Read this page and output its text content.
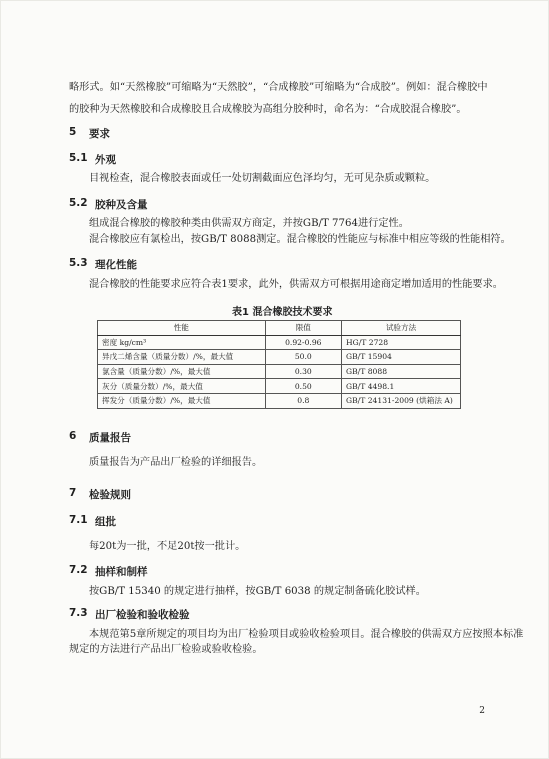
略形式。如“天然橡胶”可缩略为“天然胶”，“合成橡胶”可缩略为“合成胶”。例如：混合橡胶中
的胶种为天然橡胶和合成橡胶且合成橡胶为高组分胶种时，命名为：“合成胶混合橡胶”。
5 要求
5.1 外观
目视检查，混合橡胶表面或任一处切割截面应色泽均匀，无可见杂质或颗粒。
5.2 胶种及含量
组成混合橡胶的橡胶种类由供需双方商定，并按GB/T 7764进行定性。
混合橡胶应有氯检出，按GB/T 8088测定。混合橡胶的性能应与标准中相应等级的性能相符。
5.3 理化性能
混合橡胶的性能要求应符合表1要求，此外，供需双方可根据用途商定增加适用的性能要求。
表1 混合橡胶技术要求
性能	限值	试验方法
密度 kg/cm³	0.92-0.96	HG/T 2728
异戊二烯含量（质量分数）/%，最大值	50.0	GB/T 15904
氯含量（质量分数）/%，最大值	0.30	GB/T 8088
灰分（质量分数）/%，最大值	0.50	GB/T 4498.1
挥发分（质量分数）/%，最大值	0.8	GB/T 24131-2009 (烘箱法 A)
6 质量报告
质量报告为产品出厂检验的详细报告。
7 检验规则
7.1 组批
每20t为一批，不足20t按一批计。
7.2 抽样和制样
按GB/T 15340 的规定进行抽样，按GB/T 6038 的规定制备硫化胶试样。
7.3 出厂检验和验收检验
本规范第5章所规定的项目均为出厂检验项目或验收检验项目。混合橡胶的供需双方应按照本标准
规定的方法进行产品出厂检验或验收检验。
2
